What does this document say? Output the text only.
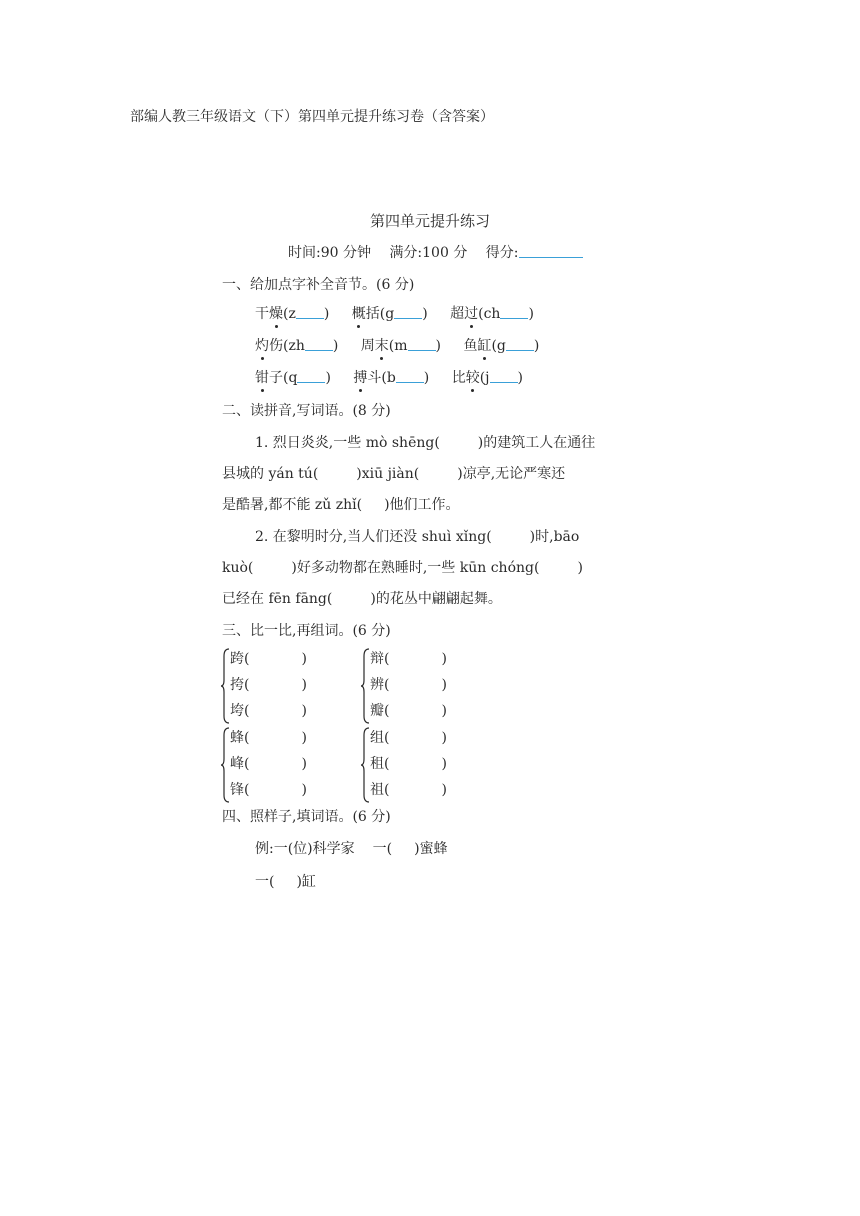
部编人教三年级语文（下）第四单元提升练习卷（含答案）
第四单元提升练习
时间:90 分钟 满分:100 分 得分:
一、给加点字补全音节。(6 分)
干燥(z ) 概括(g ) 超过(ch )
灼伤(zh ) 周末(m ) 鱼缸(g )
钳子(q ) 搏斗(b ) 比较(j )
二、读拼音,写词语。(8 分)
1. 烈日炎炎,一些 mò shēng(	)的建筑工人在通往
县城的 yán tú(	)xiū jiàn(	)凉亭,无论严寒还
是酷暑,都不能 zǔ zhǐ( )他们工作。
2. 在黎明时分,当人们还没 shuì xǐng(	)时,bāo
kuò(	)好多动物都在熟睡时,一些 kūn chóng(	)
已经在 fēn fāng(	)的花丛中翩翩起舞。
三、比一比,再组词。(6 分)
跨(	)
挎(	)
垮(	)
辩(	)
辨(	)
瓣(	)
蜂(	)
峰(	)
锋(	)
组(	)
租(	)
祖(	)
四、照样子,填词语。(6 分)
例:一(位)科学家 一( )蜜蜂
一( )缸
